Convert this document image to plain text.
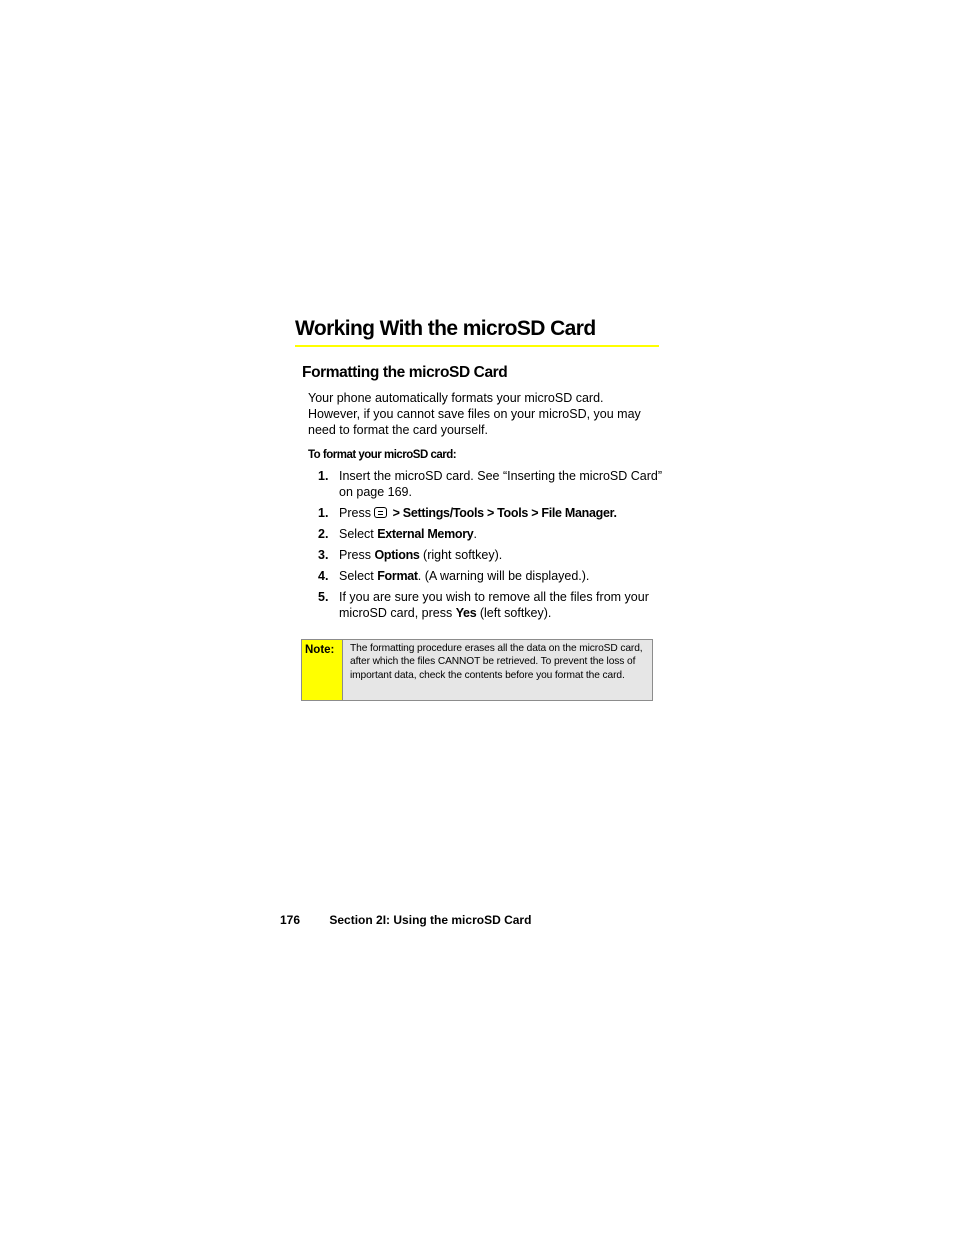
Working With the microSD Card
Formatting the microSD Card

Your phone automatically formats your microSD card. However, if you cannot save files on your microSD, you may need to format the card yourself.

To format your microSD card:
1. Insert the microSD card. See “Inserting the microSD Card” on page 169.
1. Press  > Settings/Tools > Tools > File Manager.
2. Select External Memory.
3. Press Options (right softkey).
4. Select Format. (A warning will be displayed.).
5. If you are sure you wish to remove all the files from your microSD card, press Yes (left softkey).
Note:	The formatting procedure erases all the data on the microSD card, after which the files CANNOT be retrieved. To prevent the loss of important data, check the contents before you format the card.
176 Section 2I: Using the microSD Card
